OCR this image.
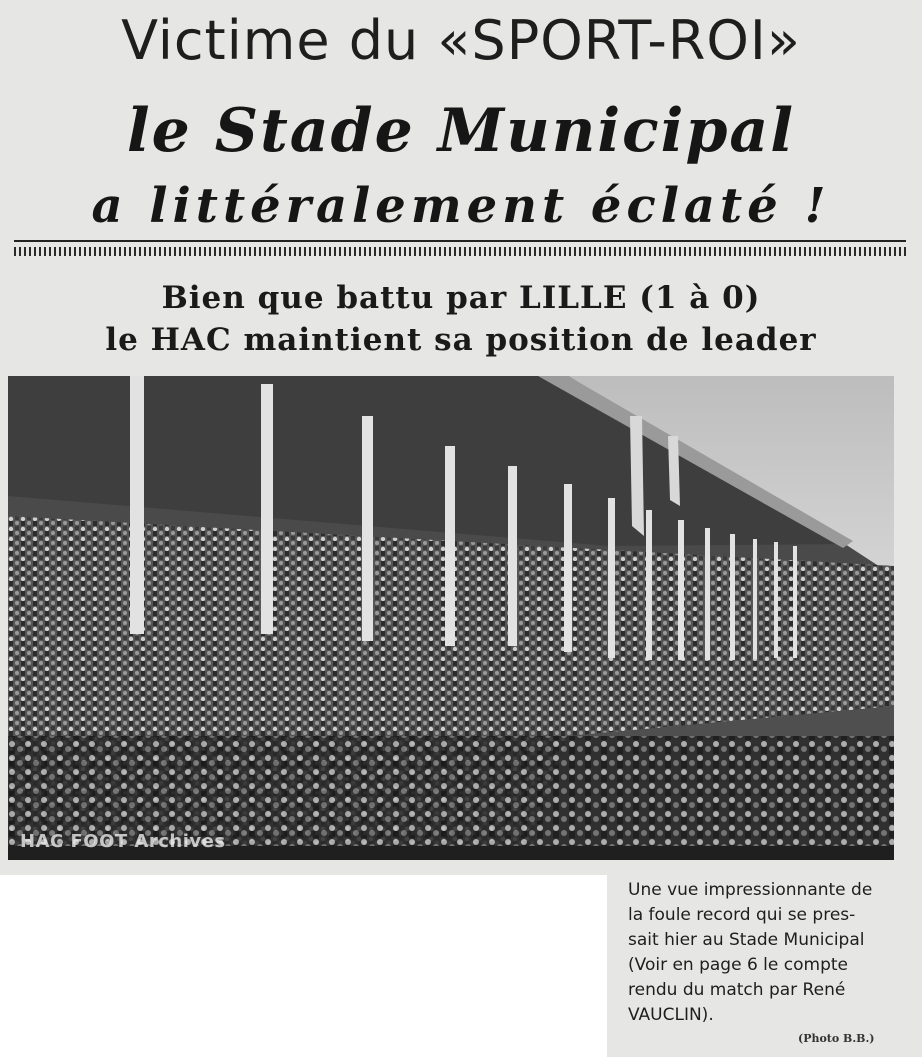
Victime du «SPORT-ROI»
le Stade Municipal
a littéralement éclaté !
Bien que battu par LILLE (1 à 0)
le HAC maintient sa position de leader
HAC FOOT Archives
Une vue impressionnante de
la foule record qui se pres-
sait hier au Stade Municipal
(Voir en page 6 le compte
rendu du match par René
VAUCLIN).
(Photo B.B.)
